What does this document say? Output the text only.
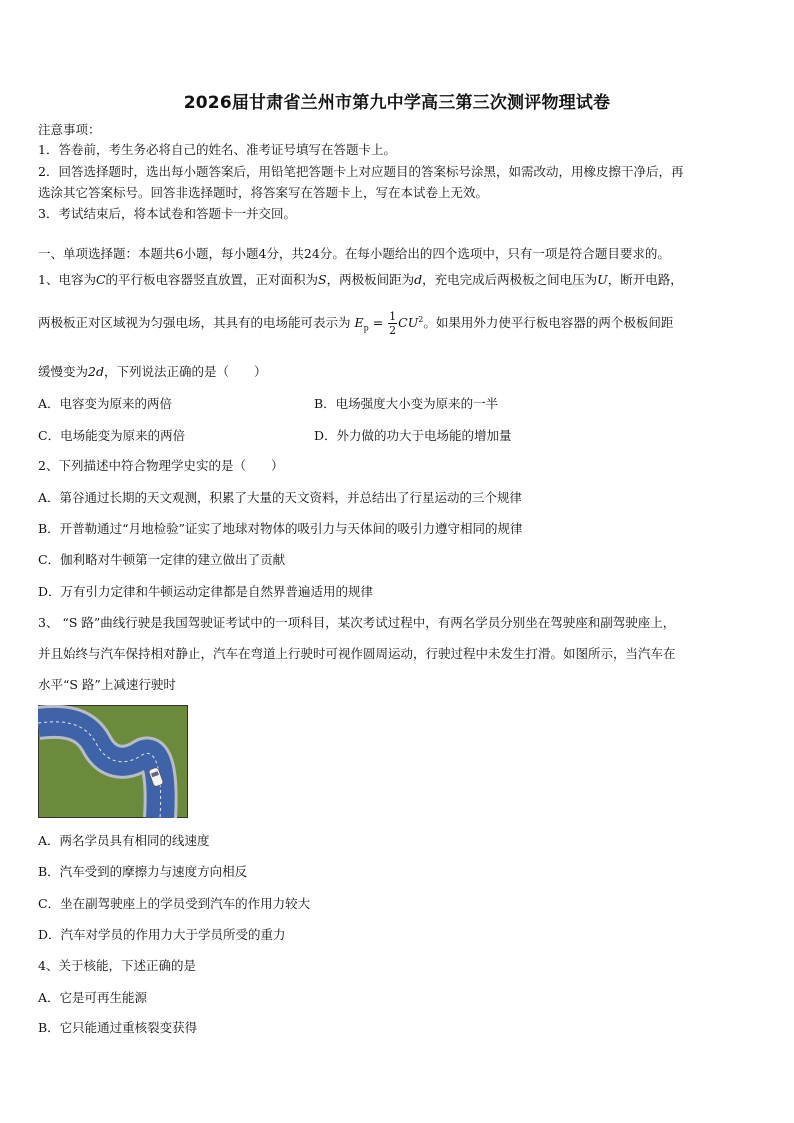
2026届甘肃省兰州市第九中学高三第三次测评物理试卷
注意事项：
1．答卷前，考生务必将自己的姓名、准考证号填写在答题卡上。
2．回答选择题时，选出每小题答案后，用铅笔把答题卡上对应题目的答案标号涂黑，如需改动，用橡皮擦干净后，再
选涂其它答案标号。回答非选择题时，将答案写在答题卡上，写在本试卷上无效。
3．考试结束后，将本试卷和答题卡一并交回。
一、单项选择题：本题共6小题，每小题4分，共24分。在每小题给出的四个选项中，只有一项是符合题目要求的。
1、电容为C的平行板电容器竖直放置，正对面积为S，两极板间距为d，充电完成后两极板之间电压为U，断开电路，
两极板正对区域视为匀强电场，其具有的电场能可表示为 $E_p = \frac{1}{2} CU^2$。如果用外力使平行板电容器的两个极板间距
缓慢变为2d，下列说法正确的是（　　）
A．电容变为原来的两倍	B．电场强度大小变为原来的一半
C．电场能变为原来的两倍	D．外力做的功大于电场能的增加量
2、下列描述中符合物理学史实的是（　　）
A．第谷通过长期的天文观测，积累了大量的天文资料，并总结出了行星运动的三个规律
B．开普勒通过“月地检验”证实了地球对物体的吸引力与天体间的吸引力遵守相同的规律
C．伽利略对牛顿第一定律的建立做出了贡献
D．万有引力定律和牛顿运动定律都是自然界普遍适用的规律
3、 “S 路”曲线行驶是我国驾驶证考试中的一项科目，某次考试过程中，有两名学员分别坐在驾驶座和副驾驶座上，
并且始终与汽车保持相对静止，汽车在弯道上行驶时可视作圆周运动，行驶过程中未发生打滑。如图所示，当汽车在
水平“S 路”上减速行驶时
A．两名学员具有相同的线速度
B．汽车受到的摩擦力与速度方向相反
C．坐在副驾驶座上的学员受到汽车的作用力较大
D．汽车对学员的作用力大于学员所受的重力
4、关于核能，下述正确的是
A．它是可再生能源
B．它只能通过重核裂变获得
